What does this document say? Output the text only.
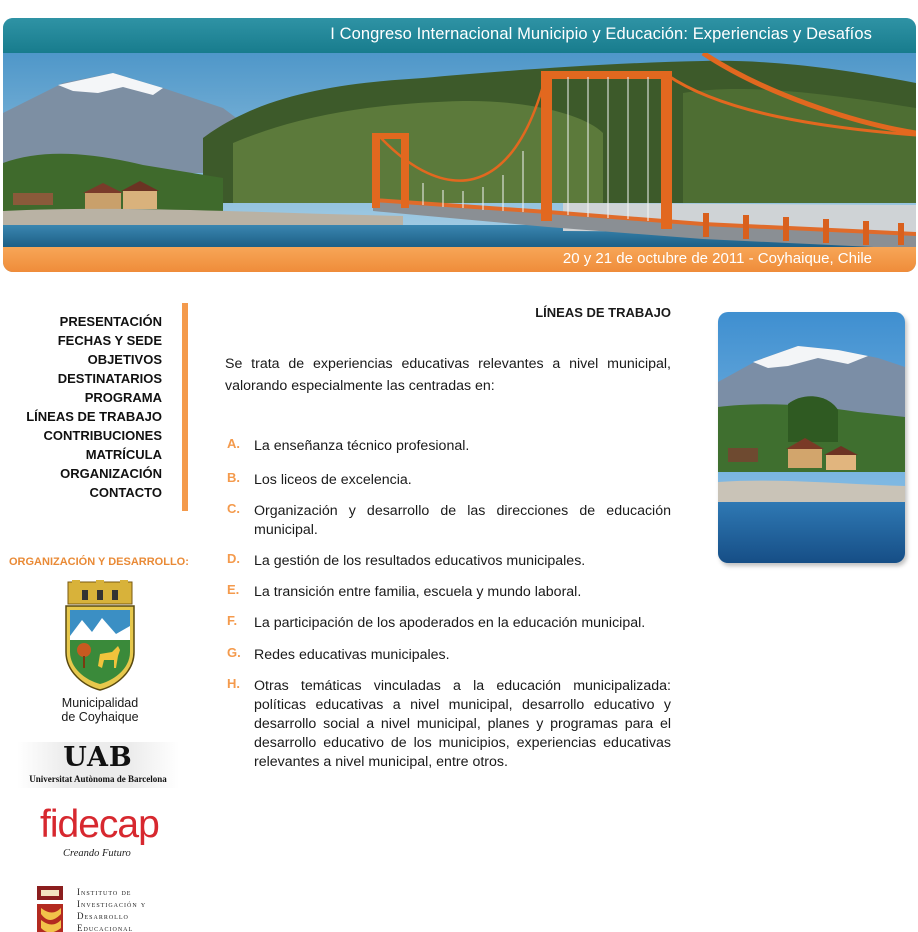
I Congreso Internacional Municipio y Educación: Experiencias y Desafíos
20 y 21 de octubre de 2011 - Coyhaique, Chile
PRESENTACIÓN
FECHAS Y SEDE
OBJETIVOS
DESTINATARIOS
PROGRAMA
LÍNEAS DE TRABAJO
CONTRIBUCIONES
MATRÍCULA
ORGANIZACIÓN
CONTACTO
ORGANIZACIÓN Y DESARROLLO:
Municipalidad
de Coyhaique
UAB
Universitat Autònoma de Barcelona
fidecap
Creando Futuro
Instituto de
Investigación y
Desarrollo
Educacional
LÍNEAS DE TRABAJO

Se trata de experiencias educativas relevantes a nivel municipal, valorando especialmente las centradas en:

A. La enseñanza técnico profesional.
B. Los liceos de excelencia.
C. Organización y desarrollo de las direcciones de educación municipal.
D. La gestión de los resultados educativos municipales.
E. La transición entre familia, escuela y mundo laboral.
F. La participación de los apoderados en la educación municipal.
G. Redes educativas municipales.
H. Otras temáticas vinculadas a la educación municipalizada: políticas educativas a nivel municipal, desarrollo educativo y desarrollo social a nivel municipal, planes y programas para el desarrollo educativo de los municipios, experiencias educativas relevantes a nivel municipal, entre otros.
